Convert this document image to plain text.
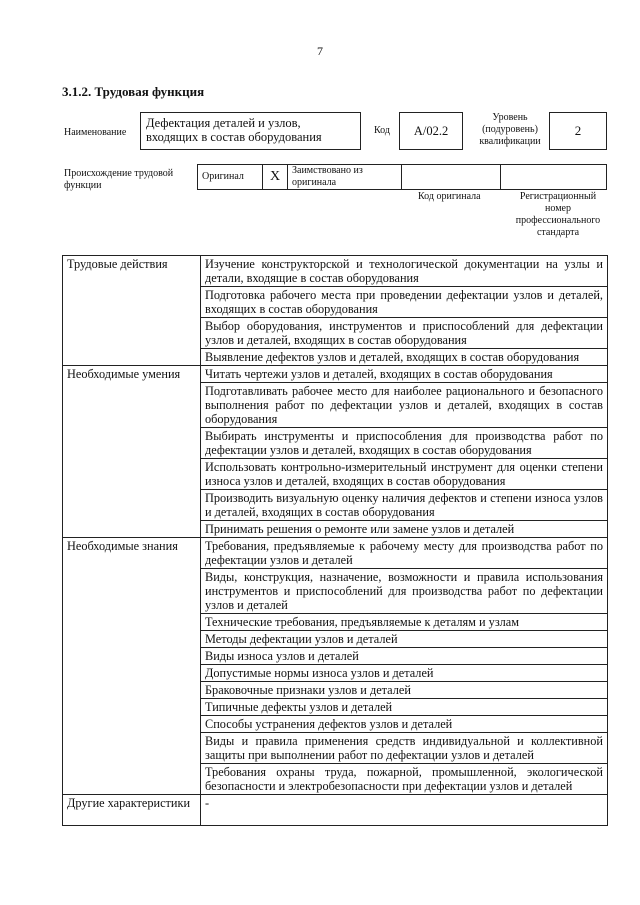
7
3.1.2. Трудовая функция
Наименование
Дефектация деталей и узлов, входящих в состав оборудования	Код	А/02.2
Уровень (подуровень) квалификации
2
Происхождение трудовой функции
Оригинал	X	Заимствовано из оригинала		
Код оригинала	Регистрационный номер профессионального стандарта
Трудовые действия	Изучение конструкторской и технологической документации на узлы и детали, входящие в состав оборудования
	Подготовка рабочего места при проведении дефектации узлов и деталей, входящих в состав оборудования
	Выбор оборудования, инструментов и приспособлений для дефектации узлов и деталей, входящих в состав оборудования
	Выявление дефектов узлов и деталей, входящих в состав оборудования
Необходимые умения	Читать чертежи узлов и деталей, входящих в состав оборудования
	Подготавливать рабочее место для наиболее рационального и безопасного выполнения работ по дефектации узлов и деталей, входящих в состав оборудования
	Выбирать инструменты и приспособления для производства работ по дефектации узлов и деталей, входящих в состав оборудования
	Использовать контрольно-измерительный инструмент для оценки степени износа узлов и деталей, входящих в состав оборудования
	Производить визуальную оценку наличия дефектов и степени износа узлов и деталей, входящих в состав оборудования
	Принимать решения о ремонте или замене узлов и деталей
Необходимые знания	Требования, предъявляемые к рабочему месту для производства работ по дефектации узлов и деталей
	Виды, конструкция, назначение, возможности и правила использования инструментов и приспособлений для производства работ по дефектации узлов и деталей
	Технические требования, предъявляемые к деталям и узлам
	Методы дефектации узлов и деталей
	Виды износа узлов и деталей
	Допустимые нормы износа узлов и деталей
	Браковочные признаки узлов и деталей
	Типичные дефекты узлов и деталей
	Способы устранения дефектов узлов и деталей
	Виды и правила применения средств индивидуальной и коллективной защиты при выполнении работ по дефектации узлов и деталей
	Требования охраны труда, пожарной, промышленной, экологической безопасности и электробезопасности при дефектации узлов и деталей
Другие характеристики	-
